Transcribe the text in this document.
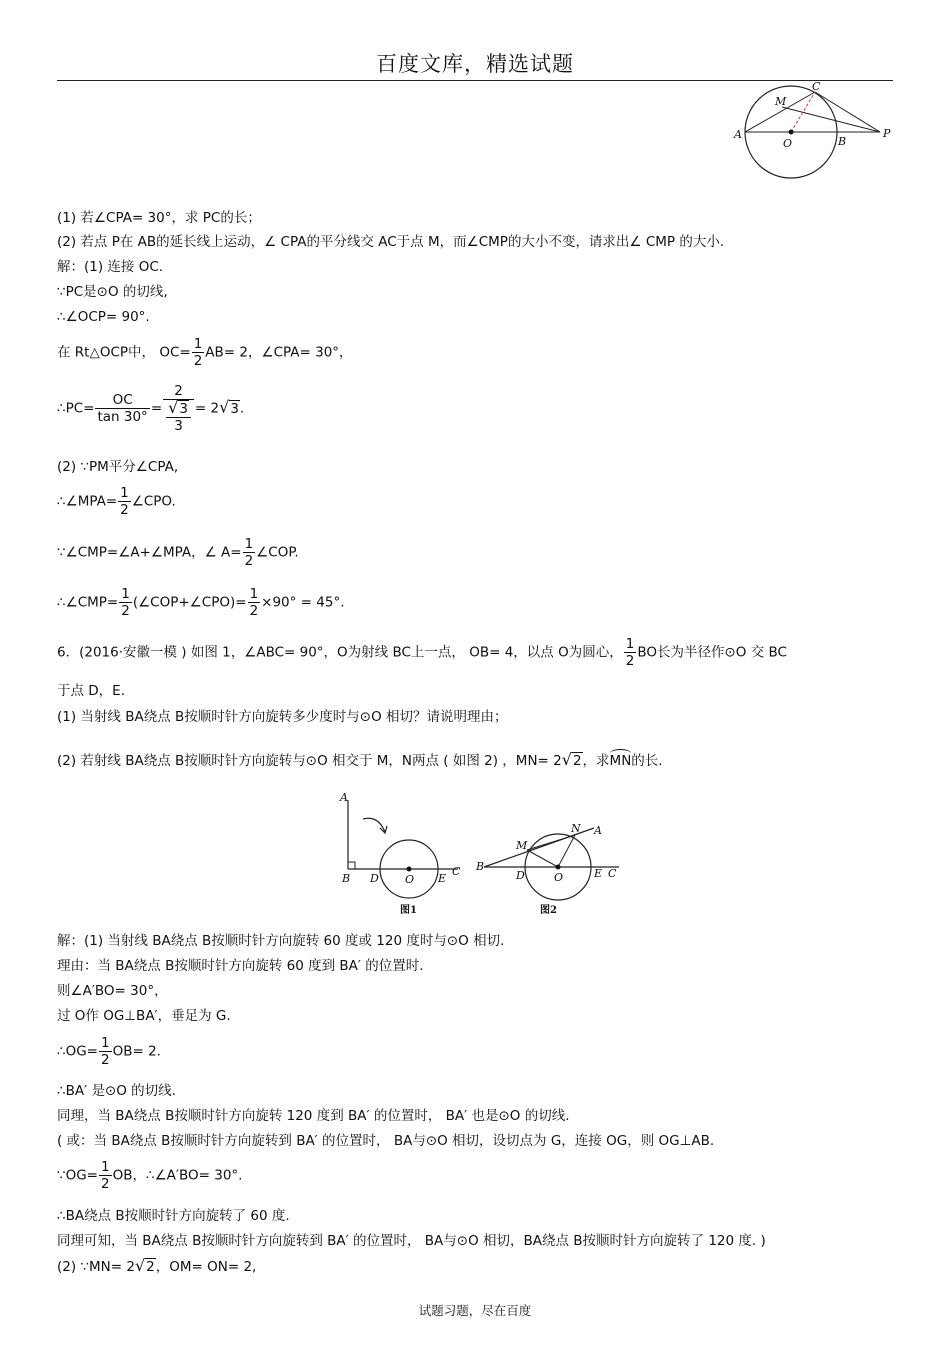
百度文库，精选试题
C
M
A
O	B
P
(1) 若∠CPA= 30°，求 PC的长；
(2) 若点 P在 AB的延长线上运动，∠ CPA的平分线交 AC于点 M，而∠CMP的大小不变，请求出∠ CMP 的大小.
解：(1) 连接 OC.
∵PC是⊙O 的切线,
∴∠OCP= 90°.
在 Rt△OCP中， $OC= \frac{1}{2} AB= 2$，∠CPA= 30°，
∴PC= $\frac{OC}{\tan 30^\circ} = \frac{2}{\frac{√3}{3}} = 2√3$.
(2) ∵PM平分∠CPA,
∴∠MPA= $\frac{1}{2}$ ∠CPO.
∵∠CMP=∠A+∠MPA，∠ $A= \frac{1}{2}$ ∠COP.
∴∠CMP= $\frac{1}{2}$ (∠COP+∠CPO)= $\frac{1}{2} \times 90^\circ = 45^\circ$.
6．(2016·安徽一模 ) 如图 1，∠ABC= 90°，O为射线 BC上一点， OB= 4，以点 O为圆心， $\frac{1}{2}$ BO长为半径作⊙O 交 BC
于点 D，E.
(1) 当射线 BA绕点 B按顺时针方向旋转多少度时与⊙O 相切？请说明理由；
(2) 若射线 BA绕点 B按顺时针方向旋转与⊙O 相交于 M，N两点 ( 如图 2) ，MN= 2√2，求MN的长.
A
B D O E
C
图1
M
N A
B
D	O	E C
图2
解：(1) 当射线 BA绕点 B按顺时针方向旋转 60 度或 120 度时与⊙O 相切.
理由：当 BA绕点 B按顺时针方向旋转 60 度到 BA′ 的位置时.
则∠A′BO= 30°，
过 O作 OG⊥BA′，垂足为 G.
∴OG= $\frac{1}{2} OB= 2$.
∴BA′ 是⊙O 的切线.
同理，当 BA绕点 B按顺时针方向旋转 120 度到 BA′ 的位置时， BA′ 也是⊙O 的切线.
( 或：当 BA绕点 B按顺时针方向旋转到 BA′ 的位置时， BA与⊙O 相切，设切点为 G，连接 OG，则 OG⊥AB.
∵OG= $\frac{1}{2}$ OB，∴∠A′BO= 30°.
∴BA绕点 B按顺时针方向旋转了 60 度.
同理可知，当 BA绕点 B按顺时针方向旋转到 BA′ 的位置时， BA与⊙O 相切，BA绕点 B按顺时针方向旋转了 120 度. )
(2) ∵MN= 2√2，OM= ON= 2,
试题习题，尽在百度
